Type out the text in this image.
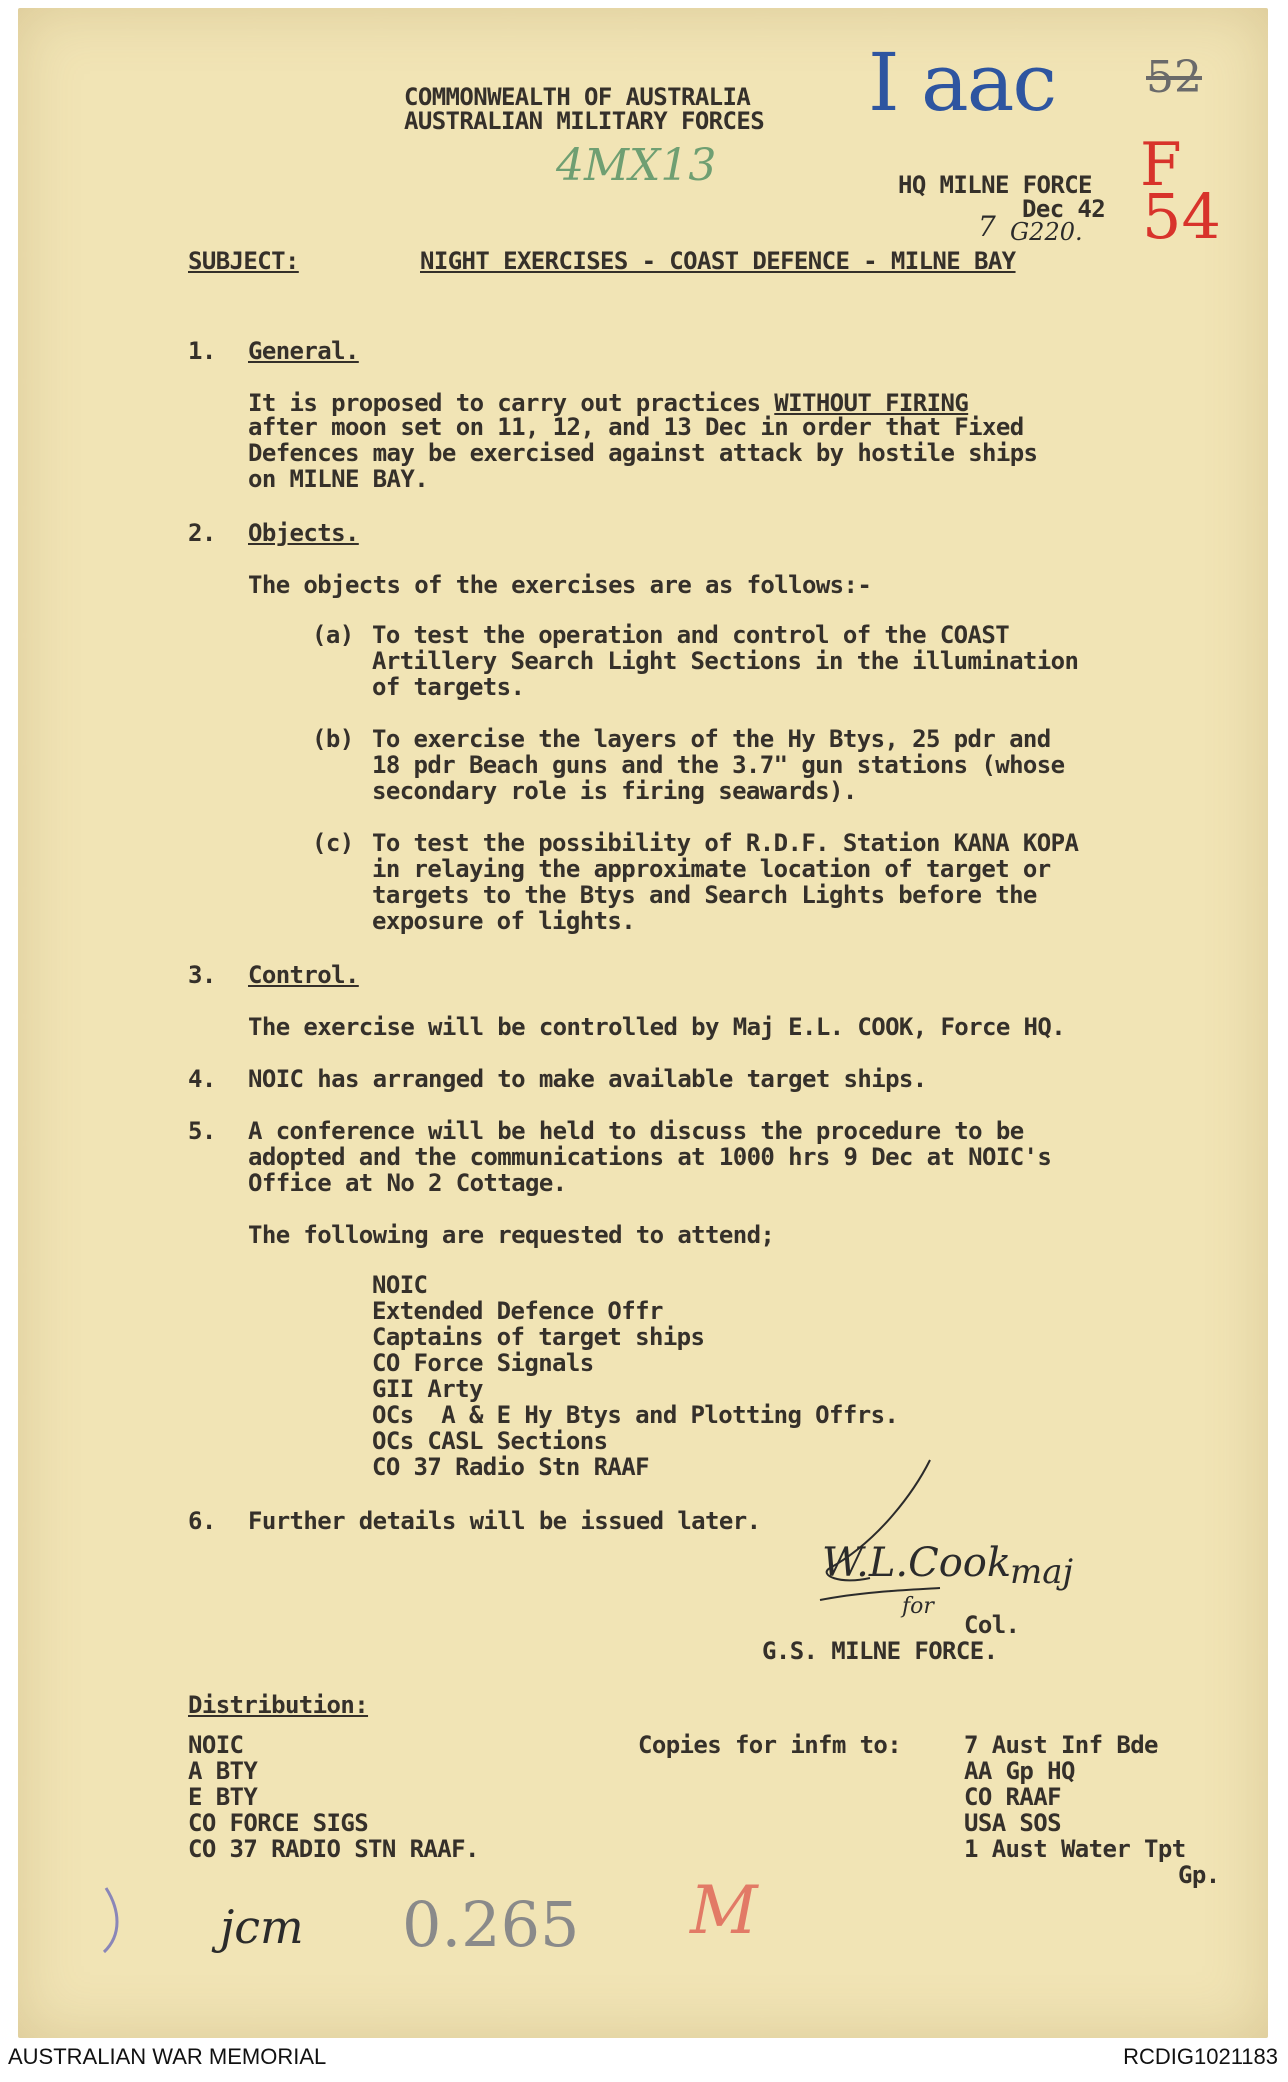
COMMONWEALTH OF AUSTRALIA
AUSTRALIAN MILITARY FORCES
HQ MILNE FORCE
Dec 42
I aac 52
4MX13	F
54
7 G220.
SUBJECT:	NIGHT EXERCISES - COAST DEFENCE - MILNE BAY
1. General.
It is proposed to carry out practices WITHOUT FIRING
after moon set on 11, 12, and 13 Dec in order that Fixed
Defences may be exercised against attack by hostile ships
on MILNE BAY.
2. Objects.
The objects of the exercises are as follows:-
(a) To test the operation and control of the COAST
Artillery Search Light Sections in the illumination
of targets.
(b) To exercise the layers of the Hy Btys, 25 pdr and
18 pdr Beach guns and the 3.7" gun stations (whose
secondary role is firing seawards).
(c) To test the possibility of R.D.F. Station KANA KOPA
in relaying the approximate location of target or
targets to the Btys and Search Lights before the
exposure of lights.
3. Control.
The exercise will be controlled by Maj E.L. COOK, Force HQ.
4. NOIC has arranged to make available target ships.
5. A conference will be held to discuss the procedure to be
adopted and the communications at 1000 hrs 9 Dec at NOIC's
Office at No 2 Cottage.
The following are requested to attend;
NOIC
Extended Defence Offr
Captains of target ships
CO Force Signals
GII Arty
OCs  A & E Hy Btys and Plotting Offrs.
OCs CASL Sections
CO 37 Radio Stn RAAF
6. Further details will be issued later.
W.L.Cook
maj
for
Col.
G.S. MILNE FORCE.
Distribution:
NOIC
A BTY
E BTY
CO FORCE SIGS
CO 37 RADIO STN RAAF.
Copies for infm to:	7 Aust Inf Bde
AA Gp HQ
CO RAAF
USA SOS
1 Aust Water Tpt
Gp.
jcm 0.265 M
AUSTRALIAN WAR MEMORIAL	RCDIG1021183
